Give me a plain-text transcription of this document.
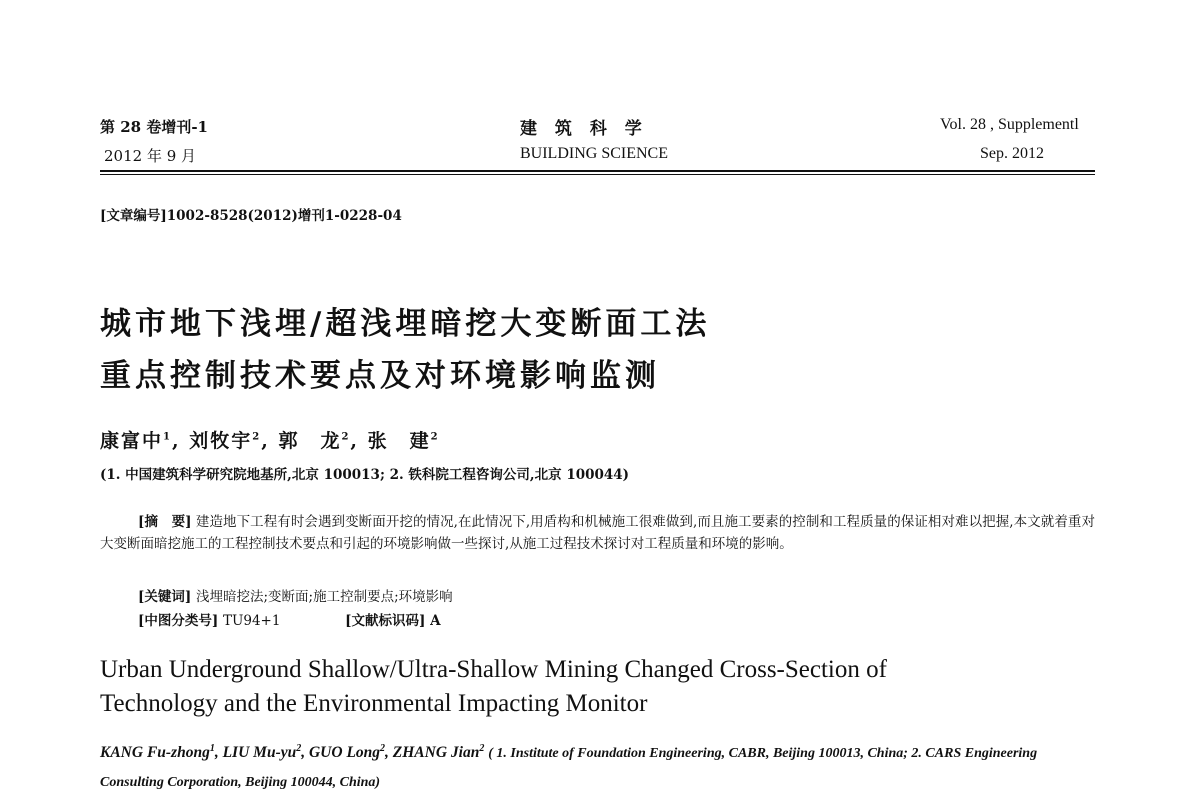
第 28 卷增刊-1
2012 年 9 月
建 筑 科 学
BUILDING SCIENCE
Vol. 28 , Supplementl
Sep. 2012
[文章编号]1002-8528(2012)增刊1-0228-04
城市地下浅埋/超浅埋暗挖大变断面工法
重点控制技术要点及对环境影响监测
康富中$^1$, 刘牧宇$^2$, 郭　龙$^2$, 张　建$^2$
(1. 中国建筑科学研究院地基所,北京 100013; 2. 铁科院工程咨询公司,北京 100044)
[摘　要] 建造地下工程有时会遇到变断面开挖的情况,在此情况下,用盾构和机械施工很难做到,而且施工要素的控制和工程质量的保证相对难以把握,本文就着重对大变断面暗挖施工的工程控制技术要点和引起的环境影响做一些探讨,从施工过程技术探讨对工程质量和环境的影响。
[关键词] 浅埋暗挖法;变断面;施工控制要点;环境影响
[中图分类号] TU94+1	[文献标识码] A
Urban Underground Shallow/Ultra-Shallow Mining Changed Cross-Section of
Technology and the Environmental Impacting Monitor
KANG Fu-zhong$^1$, LIU $Mu-yu^2$, GUO Long$^2$, ZHANG Jian$^2$ ( 1. Institute of Foundation Engineering, CABR, Beijing 100013, China; 2. CARS Engineering Consulting Corporation, Beijing 100044, China)
